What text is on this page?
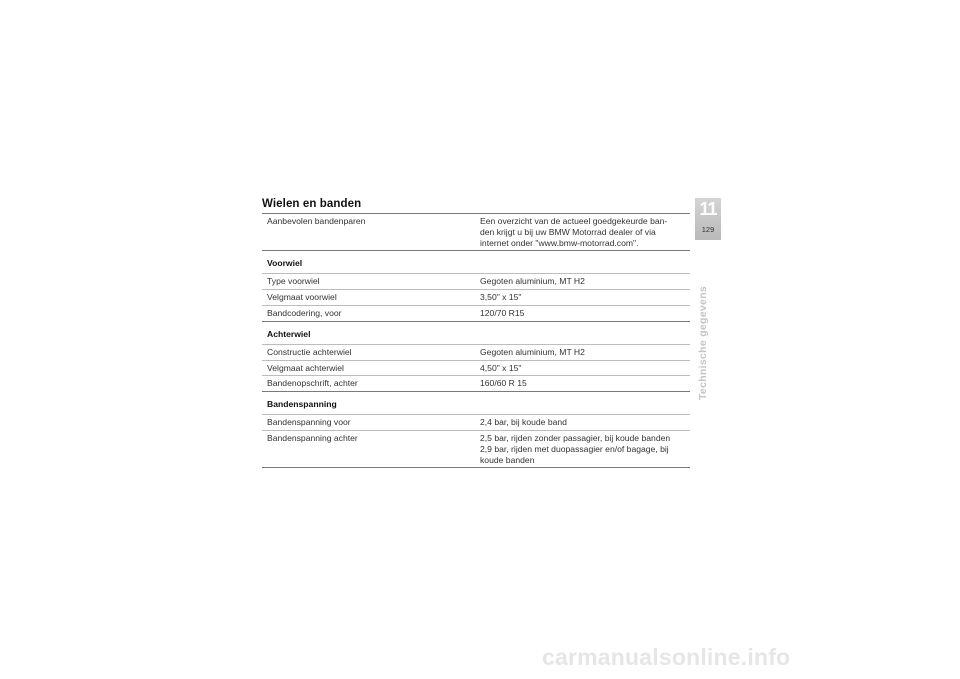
Wielen en banden
Aanbevolen bandenparen	Een overzicht van de actueel goedgekeurde ban-
den krijgt u bij uw BMW Motorrad dealer of via
internet onder "www.bmw-motorrad.com".
Voorwiel
Type voorwiel	Gegoten aluminium, MT H2
Velgmaat voorwiel	3,50" x 15"
Bandcodering, voor	120/70 R15
Achterwiel
Constructie achterwiel	Gegoten aluminium, MT H2
Velgmaat achterwiel	4,50" x 15"
Bandenopschrift, achter	160/60 R 15
Bandenspanning
Bandenspanning voor	2,4 bar, bij koude band
Bandenspanning achter	2,5 bar, rijden zonder passagier, bij koude banden
2,9 bar, rijden met duopassagier en/of bagage, bij
koude banden
11
129
Technische gegevens
carmanualsonline.info
